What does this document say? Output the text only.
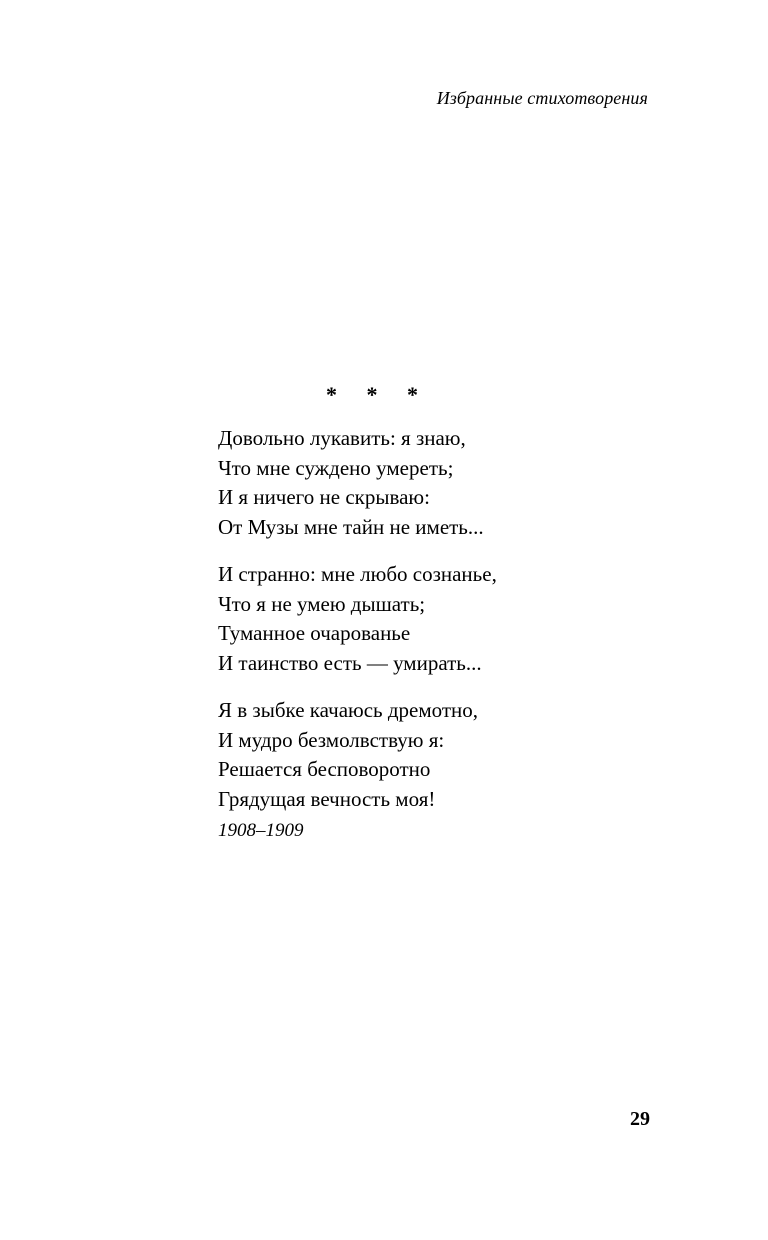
Избранные стихотворения
* * *
Довольно лукавить: я знаю,
Что мне суждено умереть;
И я ничего не скрываю:
От Музы мне тайн не иметь...
И странно: мне любо сознанье,
Что я не умею дышать;
Туманное очарованье
И таинство есть — умирать...
Я в зыбке качаюсь дремотно,
И мудро безмолвствую я:
Решается бесповоротно
Грядущая вечность моя!
1908–1909
29
